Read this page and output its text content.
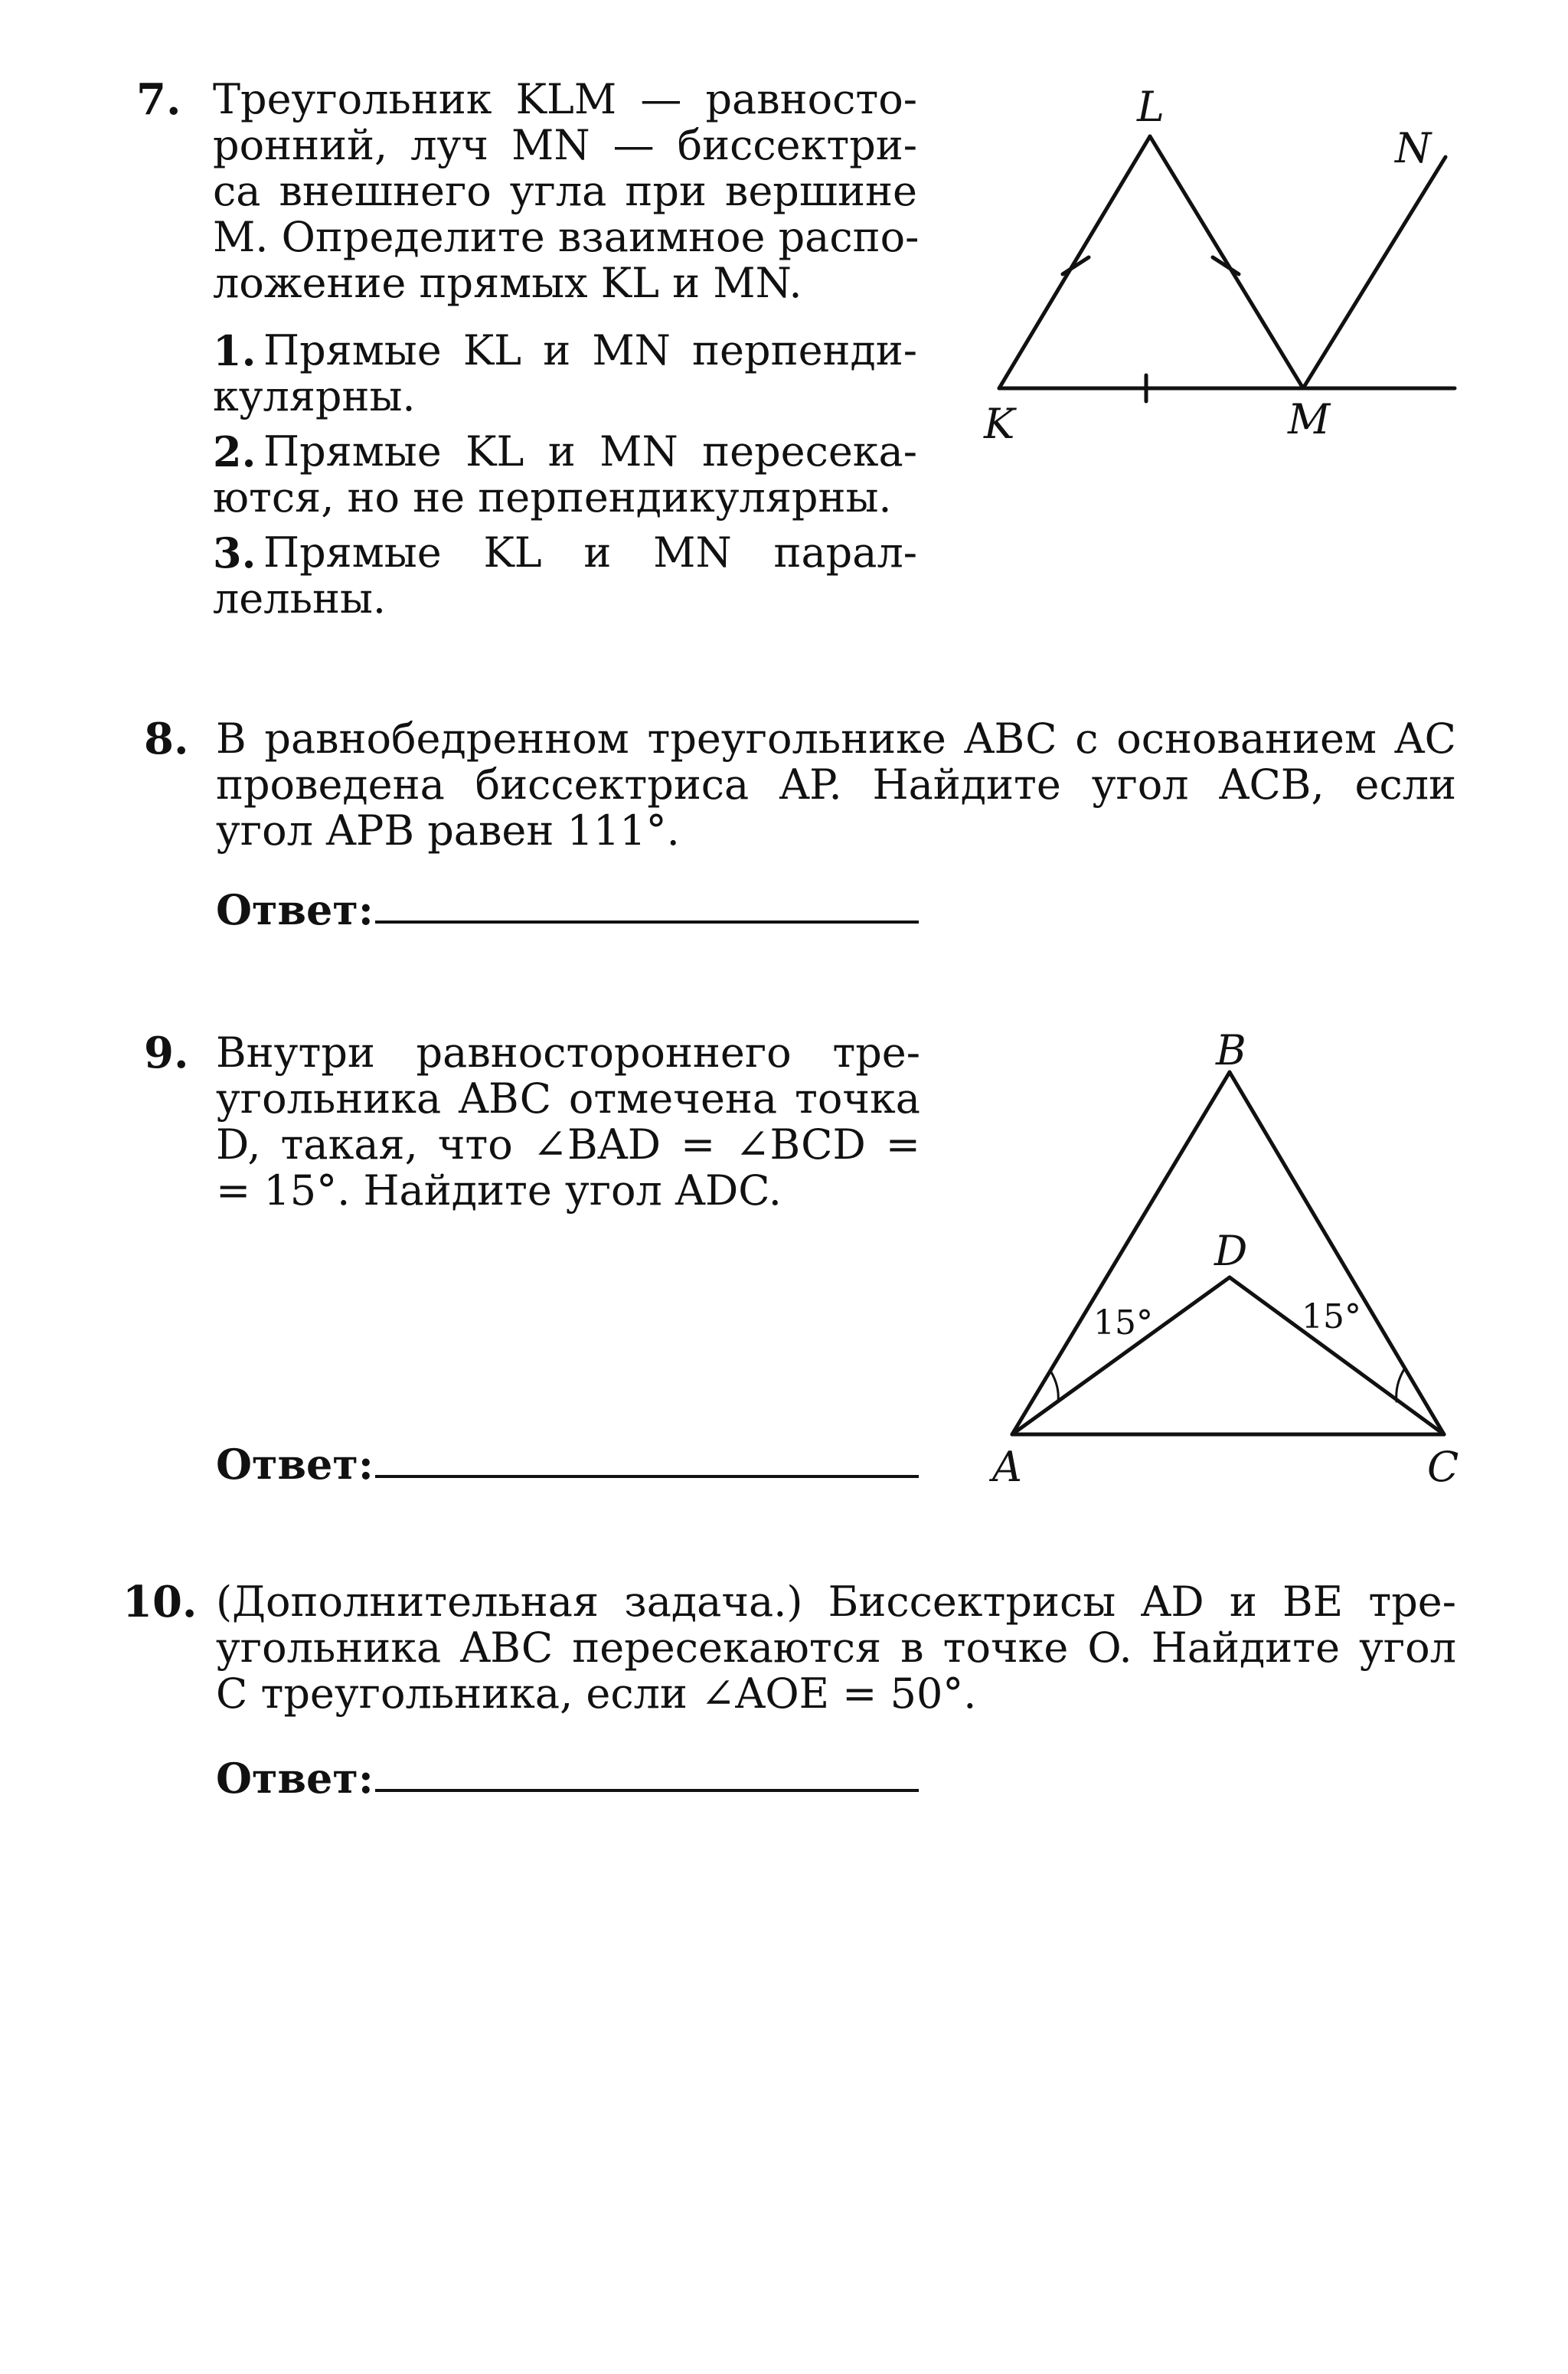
7. Треугольник KLM — равносто-
ронний, луч MN — биссектри-
са внешнего угла при вершине
M. Определите взаимное распо-
ложение прямых KL и MN.
1. Прямые KL и MN перпенди-
кулярны.
2. Прямые KL и MN пересека-
ются, но не перпендикулярны.
3. Прямые KL и MN парал-
лельны.
8. В равнобедренном треугольнике ABC с основанием AC
проведена биссектриса AP. Найдите угол ACB, если
угол APB равен 111°.
Ответ:
9. Внутри равностороннего тре-
угольника ABC отмечена точка
D, такая, что ∠BAD = ∠BCD =
= 15°. Найдите угол ADC.
Ответ:
10. (Дополнительная задача.) Биссектрисы AD и BE тре-
угольника ABC пересекаются в точке O. Найдите угол
C треугольника, если ∠AOE = 50°.
Ответ:
L
N
K	M
B
D
A	C
15°	15°
